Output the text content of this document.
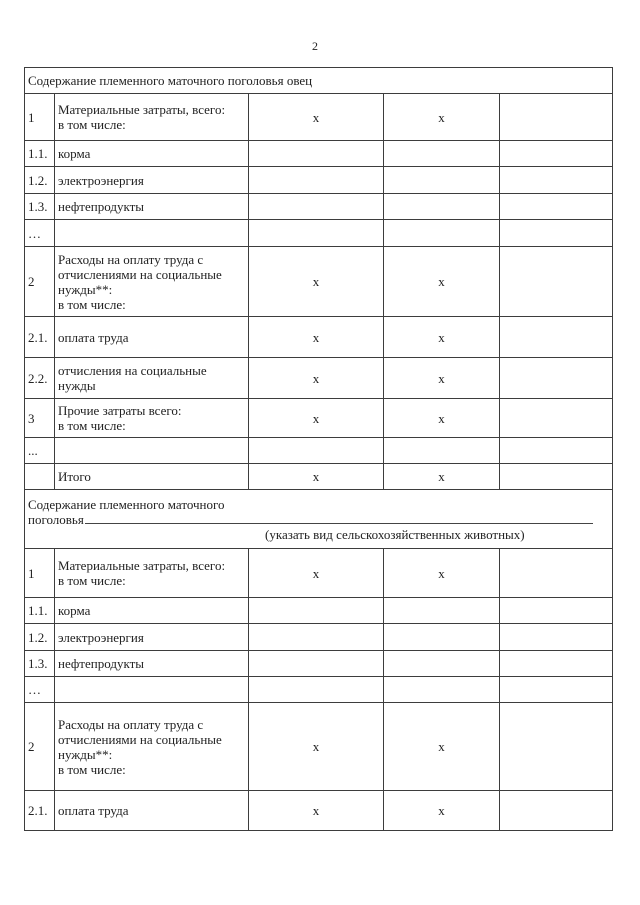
2
Содержание племенного маточного поголовья овец				
1	Материальные затраты, всего:
в том числе:	x	x	
1.1.	корма			

1.2.	электроэнергия			

1.3.	нефтепродукты			

…				
2	Расходы на оплату труда с
отчислениями на социальные
нужды**:
в том числе:	x	x	
2.1.	оплата труда	x	x	
2.2.	отчисления на социальные
нужды	x	x	
3	Прочие затраты всего:
в том числе:	x	x	
...				

	Итого	x	x	

Содержание племенного маточного
поголовья
(указать вид сельскохозяйственных животных)				

1	Материальные затраты, всего:
в том числе:	x	x	
1.1.	корма			

1.2.	электроэнергия			

1.3.	нефтепродукты			

…				
2	Расходы на оплату труда с
отчислениями на социальные
нужды**:
в том числе:	x	x	
2.1.	оплата труда	x	x	
